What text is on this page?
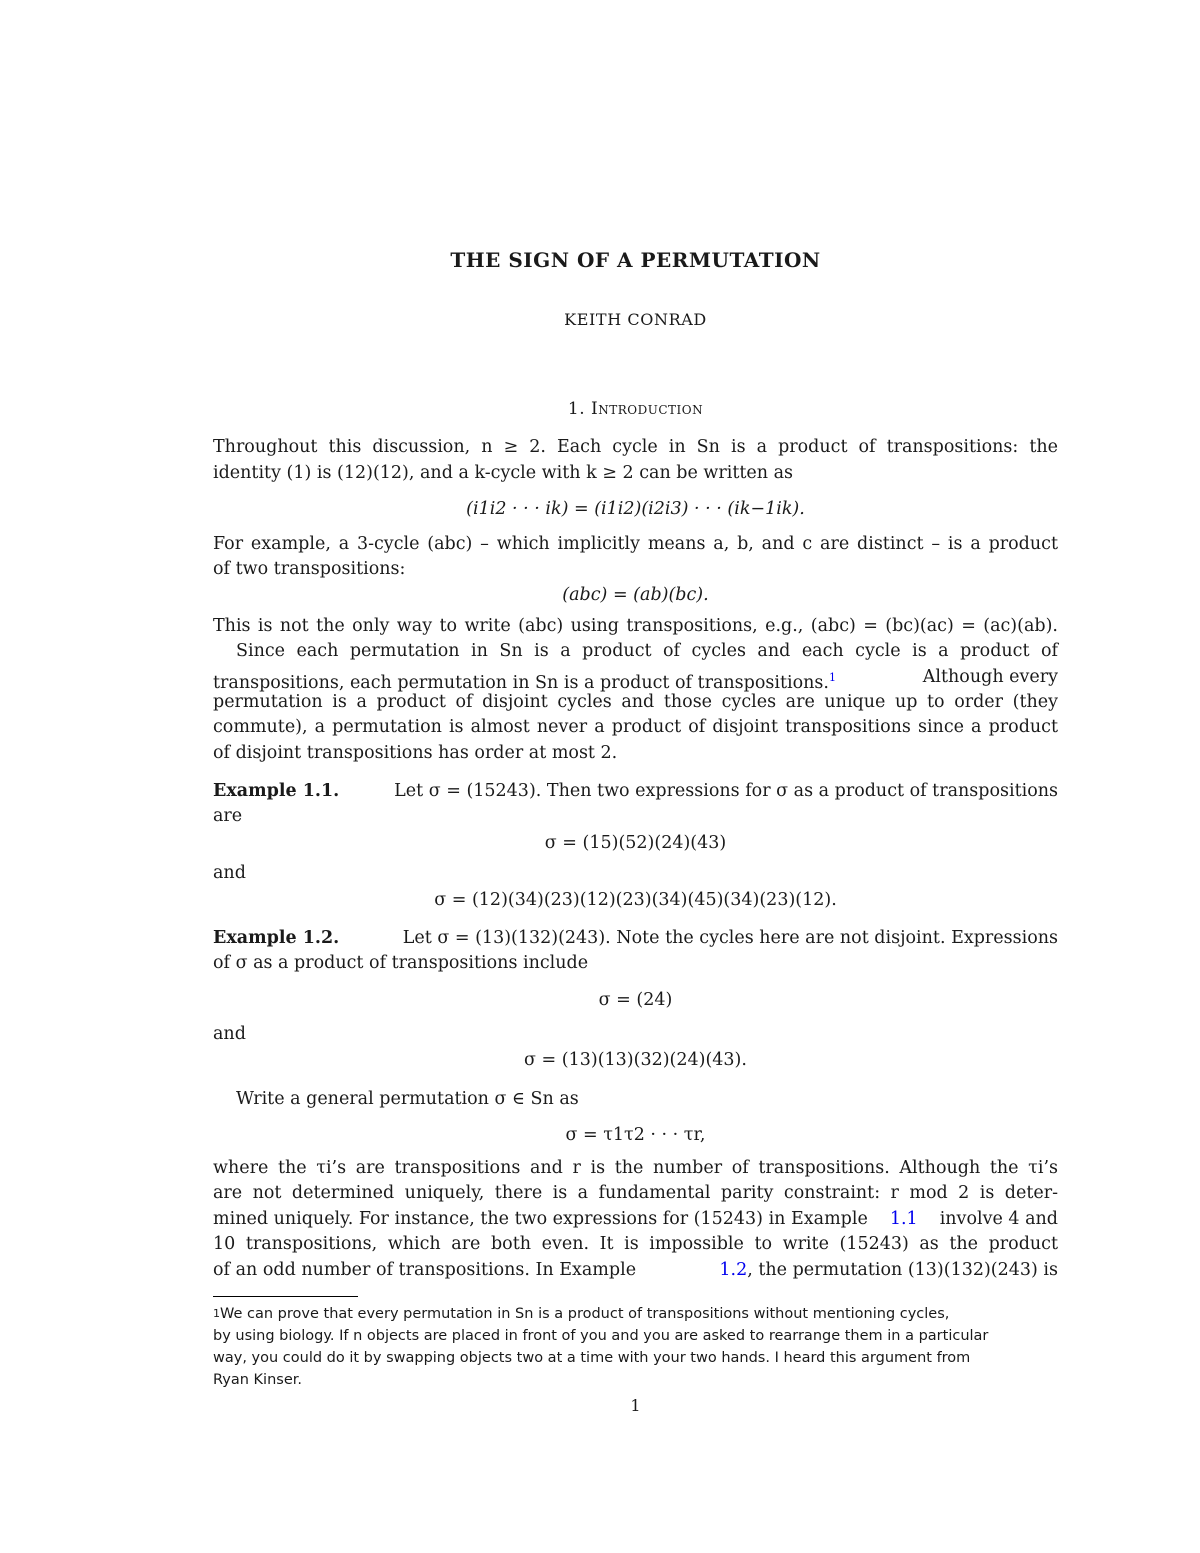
THE SIGN OF A PERMUTATION
KEITH CONRAD
1. Introduction
Throughout this discussion, n ≥ 2. Each cycle in Sn is a product of transpositions: the
identity (1) is (12)(12), and a k-cycle with k ≥ 2 can be written as
(i1i2 · · · ik) = (i1i2)(i2i3) · · · (ik−1ik).
For example, a 3-cycle (abc) – which implicitly means a, b, and c are distinct – is a product
of two transpositions:
(abc) = (ab)(bc).
This is not the only way to write (abc) using transpositions, e.g., (abc) = (bc)(ac) = (ac)(ab).
Since each permutation in Sn is a product of cycles and each cycle is a product of
transpositions, each permutation in Sn is a product of transpositions.$^1$	Although every
permutation is a product of disjoint cycles and those cycles are unique up to order (they
commute), a permutation is almost never a product of disjoint transpositions since a product
of disjoint transpositions has order at most 2.
Example 1.1.	Let σ = (15243). Then two expressions for σ as a product of transpositions
are
σ = (15)(52)(24)(43)
and
σ = (12)(34)(23)(12)(23)(34)(45)(34)(23)(12).
Example 1.2.	Let σ = (13)(132)(243). Note the cycles here are not disjoint. Expressions
of σ as a product of transpositions include
σ = (24)
and
σ = (13)(13)(32)(24)(43).
Write a general permutation σ ∈ Sn as
σ = τ1τ2 · · · τr,
where the τi’s are transpositions and r is the number of transpositions. Although the τi’s
are not determined uniquely, there is a fundamental parity constraint: r mod 2 is deter-
mined uniquely. For instance, the two expressions for (15243) in Example 1.1 involve 4 and
10 transpositions, which are both even. It is impossible to write (15243) as the product
of an odd number of transpositions. In Example	1.2, the permutation (13)(132)(243) is
1 We can prove that every permutation in Sn is a product of transpositions without mentioning cycles,
by using biology. If n objects are placed in front of you and you are asked to rearrange them in a particular
way, you could do it by swapping objects two at a time with your two hands. I heard this argument from
Ryan Kinser.
1
